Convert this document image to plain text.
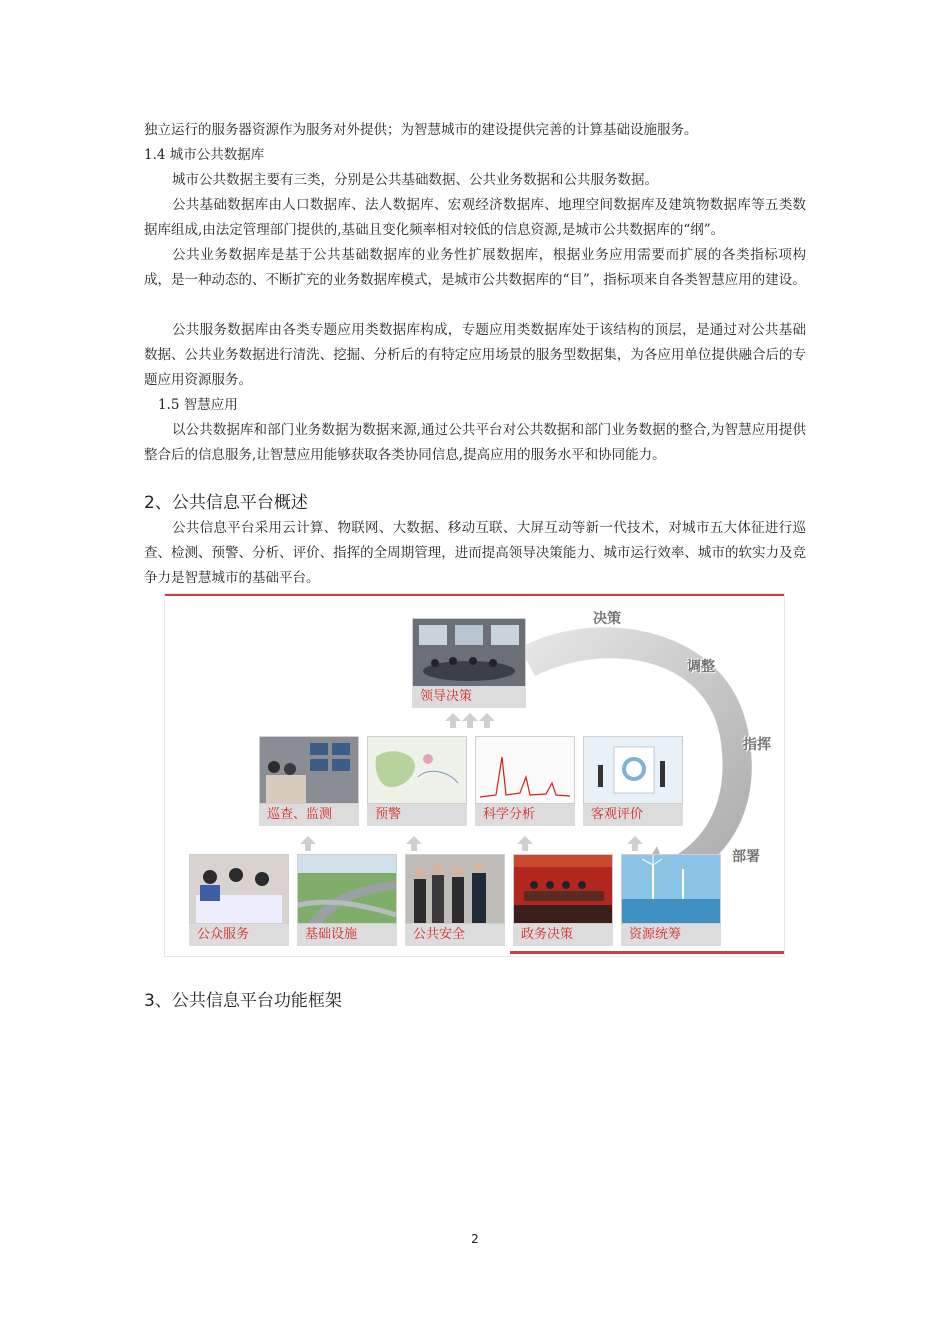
独立运行的服务器资源作为服务对外提供；为智慧城市的建设提供完善的计算基础设施服务。

1.4 城市公共数据库

城市公共数据主要有三类，分别是公共基础数据、公共业务数据和公共服务数据。

公共基础数据库由人口数据库、法人数据库、宏观经济数据库、地理空间数据库及建筑物数据库等五类数据库组成,由法定管理部门提供的,基础且变化频率相对较低的信息资源,是城市公共数据库的“纲”。

公共业务数据库是基于公共基础数据库的业务性扩展数据库，根据业务应用需要而扩展的各类指标项构成，是一种动态的、不断扩充的业务数据库模式，是城市公共数据库的“目”，指标项来自各类智慧应用的建设。

公共服务数据库由各类专题应用类数据库构成，专题应用类数据库处于该结构的顶层，是通过对公共基础数据、公共业务数据进行清洗、挖掘、分析后的有特定应用场景的服务型数据集，为各应用单位提供融合后的专题应用资源服务。

1.5 智慧应用

以公共数据库和部门业务数据为数据来源,通过公共平台对公共数据和部门业务数据的整合,为智慧应用提供整合后的信息服务,让智慧应用能够获取各类协同信息,提高应用的服务水平和协同能力。

2、公共信息平台概述

公共信息平台采用云计算、物联网、大数据、移动互联、大屏互动等新一代技术，对城市五大体征进行巡查、检测、预警、分析、评价、指挥的全周期管理，进而提高领导决策能力、城市运行效率、城市的软实力及竞争力是智慧城市的基础平台。

决策
调整
指挥
部署
领导决策
巡查、监测	预警	科学分析	客观评价
公众服务	基础设施	公共安全	政务决策	资源统筹
3、公共信息平台功能框架
2
